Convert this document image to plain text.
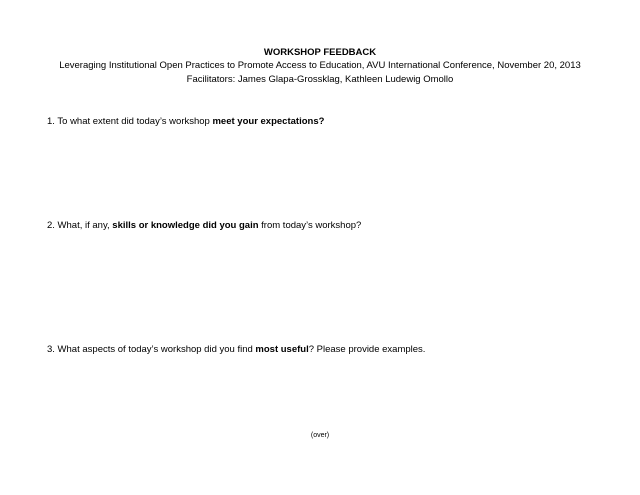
WORKSHOP FEEDBACK

Leveraging Institutional Open Practices to Promote Access to Education, AVU International Conference, November 20, 2013

Facilitators: James Glapa-Grossklag, Kathleen Ludewig Omollo

1. To what extent did today’s workshop meet your expectations?

2. What, if any, skills or knowledge did you gain from today’s workshop?

3. What aspects of today’s workshop did you find most useful? Please provide examples.

(over)
